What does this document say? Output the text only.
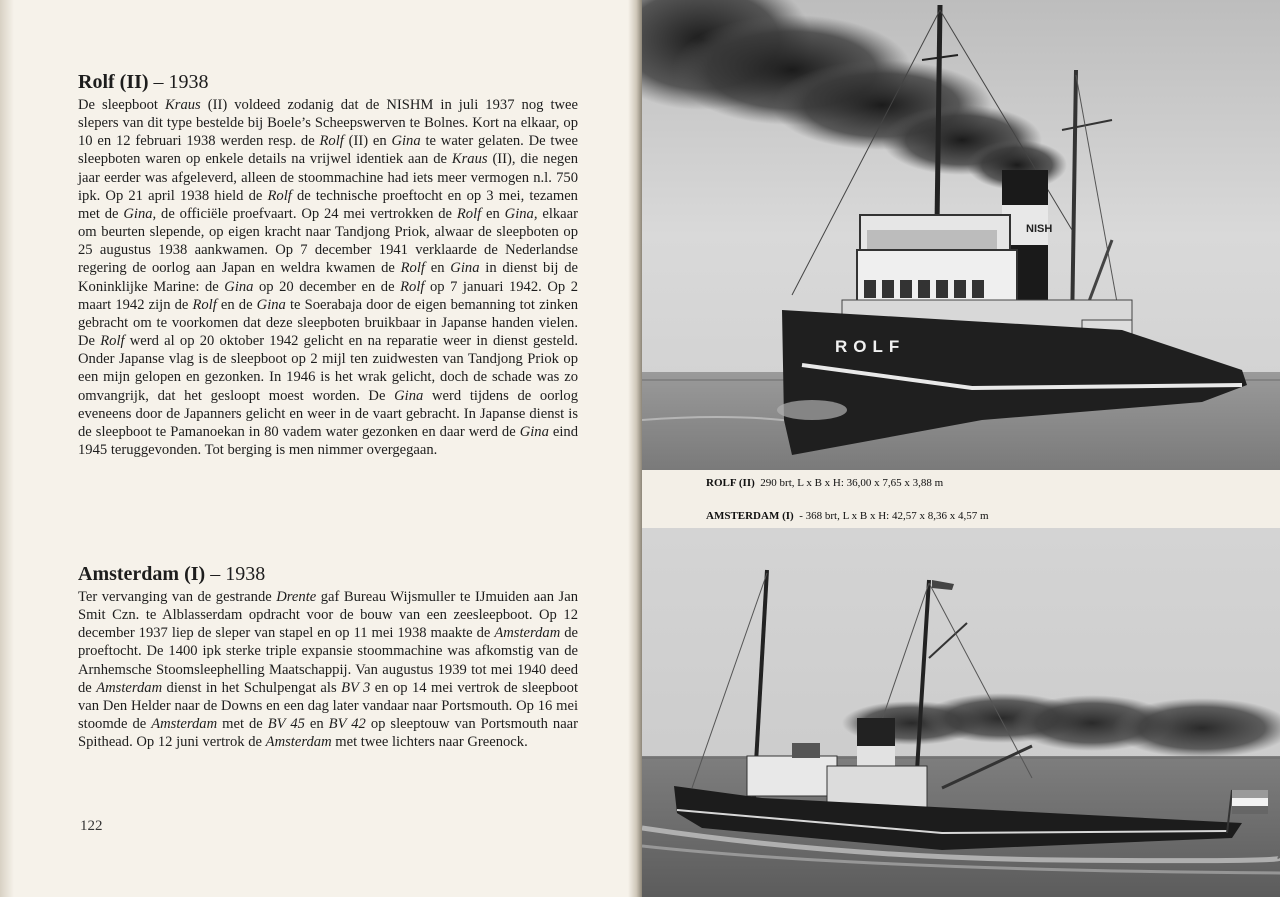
Rolf (II) – 1938

De sleepboot Kraus (II) voldeed zodanig dat de NISHM in juli 1937 nog twee slepers van dit type bestelde bij Boele’s Scheepswerven te Bolnes. Kort na elkaar, op 10 en 12 februari 1938 werden resp. de Rolf (II) en Gina te water gelaten. De twee sleepboten waren op enkele details na vrijwel identiek aan de Kraus (II), die negen jaar eerder was afgeleverd, alleen de stoommachine had iets meer vermogen n.l. 750 ipk. Op 21 april 1938 hield de Rolf de technische proeftocht en op 3 mei, tezamen met de Gina, de officiële proefvaart. Op 24 mei vertrokken de Rolf en Gina, elkaar om beurten slepende, op eigen kracht naar Tandjong Priok, alwaar de sleepboten op 25 augustus 1938 aankwamen. Op 7 december 1941 verklaarde de Nederlandse regering de oorlog aan Japan en weldra kwamen de Rolf en Gina in dienst bij de Koninklijke Marine: de Gina op 20 december en de Rolf op 7 januari 1942. Op 2 maart 1942 zijn de Rolf en de Gina te Soerabaja door de eigen bemanning tot zinken gebracht om te voorkomen dat deze sleepboten bruikbaar in Japanse handen vielen. De Rolf werd al op 20 oktober 1942 gelicht en na reparatie weer in dienst gesteld. Onder Japanse vlag is de sleepboot op 2 mijl ten zuidwesten van Tandjong Priok op een mijn gelopen en gezonken. In 1946 is het wrak gelicht, doch de schade was zo omvangrijk, dat het gesloopt moest worden. De Gina werd tijdens de oorlog eveneens door de Japanners gelicht en weer in de vaart gebracht. In Japanse dienst is de sleepboot te Pamanoekan in 80 vadem water gezonken en daar werd de Gina eind 1945 teruggevonden. Tot berging is men nimmer overgegaan.

Amsterdam (I) – 1938

Ter vervanging van de gestrande Drente gaf Bureau Wijsmuller te IJmuiden aan Jan Smit Czn. te Alblasserdam opdracht voor de bouw van een zeesleepboot. Op 12 december 1937 liep de sleper van stapel en op 11 mei 1938 maakte de Amsterdam de proeftocht. De 1400 ipk sterke triple expansie stoommachine was afkomstig van de Arnhemsche Stoomsleephelling Maatschappij. Van augustus 1939 tot mei 1940 deed de Amsterdam dienst in het Schulpengat als BV 3 en op 14 mei vertrok de sleepboot van Den Helder naar de Downs en een dag later vandaar naar Portsmouth. Op 16 mei stoomde de Amsterdam met de BV 45 en BV 42 op sleeptouw van Portsmouth naar Spithead. Op 12 juni vertrok de Amsterdam met twee lichters naar Greenock.

122
NISH
ROLF
ROLF (II) 290 brt, L x B x H: 36,00 x 7,65 x 3,88 m
AMSTERDAM (I) - 368 brt, L x B x H: 42,57 x 8,36 x 4,57 m
